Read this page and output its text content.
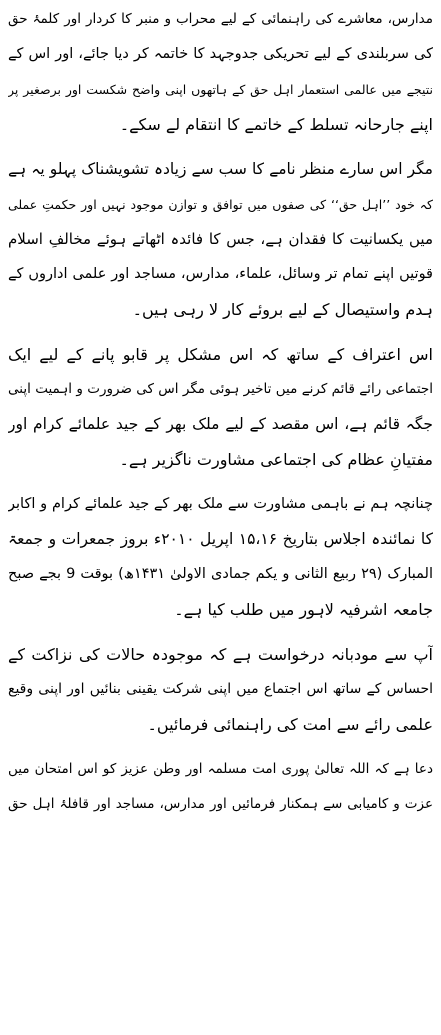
مدارس، معاشرے کی راہنمائی کے لیے محراب و منبر کا کردار اور کلمۂ حق
کی سربلندی کے لیے تحریکی جدوجہد کا خاتمہ کر دیا جائے، اور اس کے
نتیجے میں عالمی استعمار اہل حق کے ہاتھوں اپنی واضح شکست اور برصغیر پر
اپنے جارحانہ تسلط کے خاتمے کا انتقام لے سکے۔
مگر اس سارے منظر نامے کا سب سے زیادہ تشویشناک پہلو یہ ہے
کہ خود ’’اہل حق‘‘ کی صفوں میں توافق و توازن موجود نہیں اور حکمتِ عملی
میں یکسانیت کا فقدان ہے، جس کا فائدہ اٹھاتے ہوئے مخالفِ اسلام
قوتیں اپنے تمام تر وسائل، علماء، مدارس، مساجد اور علمی اداروں کے
ہدم واستیصال کے لیے بروئے کار لا رہی ہیں۔
اس اعتراف کے ساتھ کہ اس مشکل پر قابو پانے کے لیے ایک
اجتماعی رائے قائم کرنے میں تاخیر ہوئی مگر اس کی ضرورت و اہمیت اپنی
جگہ قائم ہے، اس مقصد کے لیے ملک بھر کے جید علمائے کرام اور
مفتیانِ عظام کی اجتماعی مشاورت ناگزیر ہے۔
چنانچہ ہم نے باہمی مشاورت سے ملک بھر کے جید علمائے کرام و اکابر
کا نمائندہ اجلاس بتاریخ ۱۵،۱۶ اپریل ۲۰۱۰ء بروز جمعرات و جمعۃ
المبارک (۲۹ ربیع الثانی و یکم جمادی الاولیٰ ۱۴۳۱ھ) بوقت 9 بجے صبح
جامعہ اشرفیہ لاہور میں طلب کیا ہے۔
آپ سے مودبانہ درخواست ہے کہ موجودہ حالات کی نزاکت کے
احساس کے ساتھ اس اجتماع میں اپنی شرکت یقینی بنائیں اور اپنی وقیع
علمی رائے سے امت کی راہنمائی فرمائیں۔
دعا ہے کہ اللہ تعالیٰ پوری امت مسلمہ اور وطن عزیز کو اس امتحان میں
عزت و کامیابی سے ہمکنار فرمائیں اور مدارس، مساجد اور قافلۂ اہل حق
